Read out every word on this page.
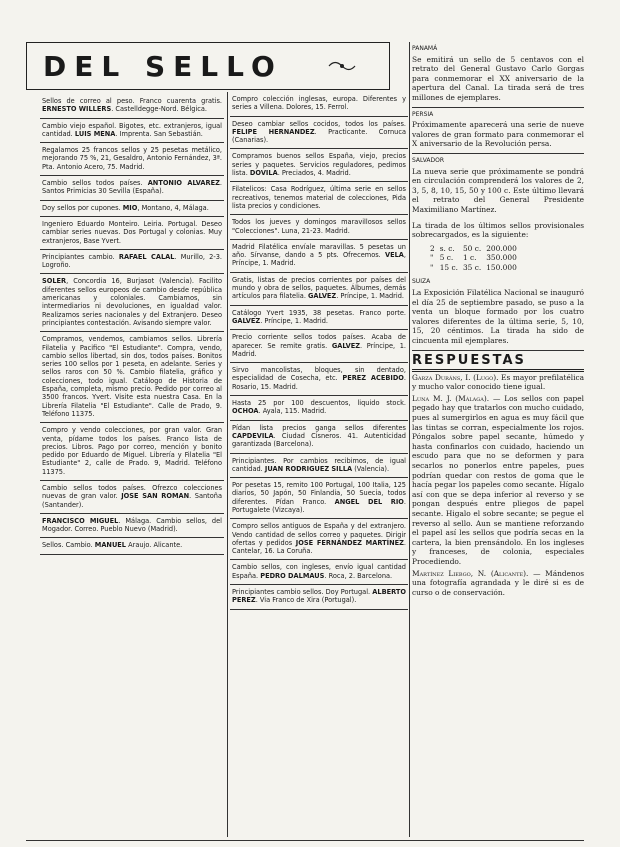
DEL SELLO

Sellos de correo al peso. Franco cuarenta gratis. ERNESTO WILLERS. Castelldegge-Nord. Bélgica.

Cambio viejo español. Bigotes, etc. extranjeros, igual cantidad. LUIS MENA. Imprenta. San Sebastián.

Regalamos 25 francos sellos y 25 pesetas metálico, mejorando 75 %, 21, Gesaldro, Antonio Fernández, 3ª. Pta. Antonio Acero, 75. Madrid.

Cambio sellos todos países. ANTONIO ALVAREZ. Santos Primicias 30 Sevilla (España).

Doy sellos por cupones. MIO, Montano, 4, Málaga.

Ingeniero Eduardo Monteiro. Leiria. Portugal. Deseo cambiar series nuevas. Dos Portugal y colonias. Muy extranjeros, Base Yvert.

Principiantes cambio. RAFAEL CALAL. Murillo, 2-3. Logroño.

SOLER, Concordia 16, Burjasot (Valencia). Facilito diferentes sellos europeos de cambio desde república americanas y coloniales. Cambiamos, sin intermediarios ni devoluciones, en igualdad valor. Realizamos series nacionales y del Extranjero. Deseo principiantes contestación. Avisando siempre valor.

Compramos, vendemos, cambiamos sellos. Librería Filatelia y Pacifico "El Estudiante". Compra, vendo, cambio sellos libertad, sin dos, todos países. Bonitos series 100 sellos por 1 peseta, en adelante. Series y sellos raros con 50 %. Cambio filatelia, gráfico y colecciones, todo igual. Catálogo de Historia de España, completa, mismo precio. Pedido por correo al 3500 francos. Yvert. Visite esta nuestra Casa. En la Librería Filatelia "El Estudiante". Calle de Prado, 9. Teléfono 11375.

Compro y vendo colecciones, por gran valor. Gran venta, pídame todos los países. Franco lista de precios. Libros. Pago por correo, mención y bonito pedido por Eduardo de Miguel. Librería y Filatelia "El Estudiante" 2, calle de Prado. 9, Madrid. Teléfono 11375.

Cambio sellos todos países. Ofrezco colecciones nuevas de gran valor. JOSE SAN ROMAN. Santoña (Santander).

FRANCISCO MIGUEL. Málaga. Cambio sellos, del Mogador. Correo. Pueblo Nuevo (Madrid).

Sellos. Cambio. MANUEL Araujo. Alicante.

Compro colección inglesas, europa. Diferentes y series a Villena. Dolores, 15. Ferrol.

Deseo cambiar sellos cocidos, todos los países. FELIPE HERNANDEZ. Practicante. Cornuca (Canarias).

Compramos buenos sellos España, viejo, precios series y paquetes. Servicios reguladores, pedimos lista. DOVILA. Preciados, 4. Madrid.

Filatelicos: Casa Rodríguez, última serie en sellos recreativos, tenemos material de colecciones, Pida lista precios y condiciones.

Todos los jueves y domingos maravillosos sellos "Colecciones". Luna, 21-23. Madrid.

Madrid Filatélica envíale maravillas. 5 pesetas un año. Sírvanse, dando a 5 pts. Ofrecemos. VELA, Príncipe, 1. Madrid.

Gratis, listas de precios corrientes por países del mundo y obra de sellos, paquetes. Álbumes, demás artículos para filatelia. GALVEZ. Príncipe, 1. Madrid.

Catálogo Yvert 1935, 38 pesetas. Franco porte. GALVEZ. Príncipe, 1. Madrid.

Precio corriente sellos todos países. Acaba de aparecer. Se remite gratis. GALVEZ. Príncipe, 1. Madrid.

Sirvo mancolistas, bloques, sin dentado, especialidad de Cosecha, etc. PEREZ ACEBIDO. Rosario, 15. Madrid.

Hasta 25 por 100 descuentos, liquido stock. OCHOA. Ayala, 115. Madrid.

Pídan lista precios ganga sellos diferentes CAPDEVILA. Ciudad Cisneros. 41. Autenticidad garantizada (Barcelona).

Principiantes. Por cambios recibimos, de igual cantidad. JUAN RODRIGUEZ SILLA (Valencia).

Por pesetas 15, remito 100 Portugal, 100 Italia, 125 diarios, 50 Japón, 50 Finlandia, 50 Suecia, todos diferentes. Pídan Franco. ANGEL DEL RIO. Portugalete (Vizcaya).

Compro sellos antiguos de España y del extranjero. Vendo cantidad de sellos correo y paquetes. Dirigir ofertas y pedidos JOSE FERNÁNDEZ MARTÍNEZ. Cantelar, 16. La Coruña.

Cambio sellos, con ingleses, envío igual cantidad España. PEDRO DALMAUS. Roca, 2. Barcelona.

Principiantes cambio sellos. Doy Portugal. ALBERTO PEREZ. Via Franco de Xira (Portugal).

PANAMÁ
Se emitirá un sello de 5 centavos con el retrato del General Gustavo Carlo Gorgas para conmemorar el XX aniversario de la apertura del Canal. La tirada será de tres millones de ejemplares.

PERSIA
Próximamente aparecerá una serie de nueve valores de gran formato para conmemorar el X aniversario de la Revolución persa.

SALVADOR
La nueva serie que próximamente se pondrá en circulación comprenderá los valores de 2, 3, 5, 8, 10, 15, 50 y 100 c. Este último llevará el retrato del General Presidente Maximiliano Martínez.

La tirada de los últimos sellos provisionales sobrecargados, es la siguiente:

2	s. c.	50 c.	200.000
"	5 c.	1 c.	350.000
"	15 c.	35 c.	150.000

SUIZA
La Exposición Filatélica Nacional se inauguró el día 25 de septiembre pasado, se puso a la venta un bloque formado por los cuatro valores diferentes de la última serie, 5, 10, 15, 20 céntimos. La tirada ha sido de cincuenta mil ejemplares.

RESPUESTAS

Garza Duráns, I. (Lugo). Es mayor prefilatélica y mucho valor conocido tiene igual.

Luna M. J. (Málaga). — Los sellos con papel pegado hay que tratarlos con mucho cuidado, pues al sumergirlos en agua es muy fácil que las tintas se corran, especialmente los rojos. Póngalos sobre papel secante, húmedo y hasta confinarlos con cuidado, haciendo un escudo para que no se deformen y para secarlos no ponerlos entre papeles, pues podrían quedar con restos de goma que le hacía pegar los papeles como secante. Hígalo así con que se depa inferior al reverso y se pongan después entre pliegos de papel secante. Higalo el sobre secante; se pegue el reverso al sello. Aun se mantiene reforzando el papel así les sellos que podría secas en la cartera, la bien prensándolo. En los ingleses y franceses, de colonia, especiales Procediendo.

Martínez Liebgo, N. (Alicante). — Mándenos una fotografía agrandada y le diré si es de curso o de conservación.
